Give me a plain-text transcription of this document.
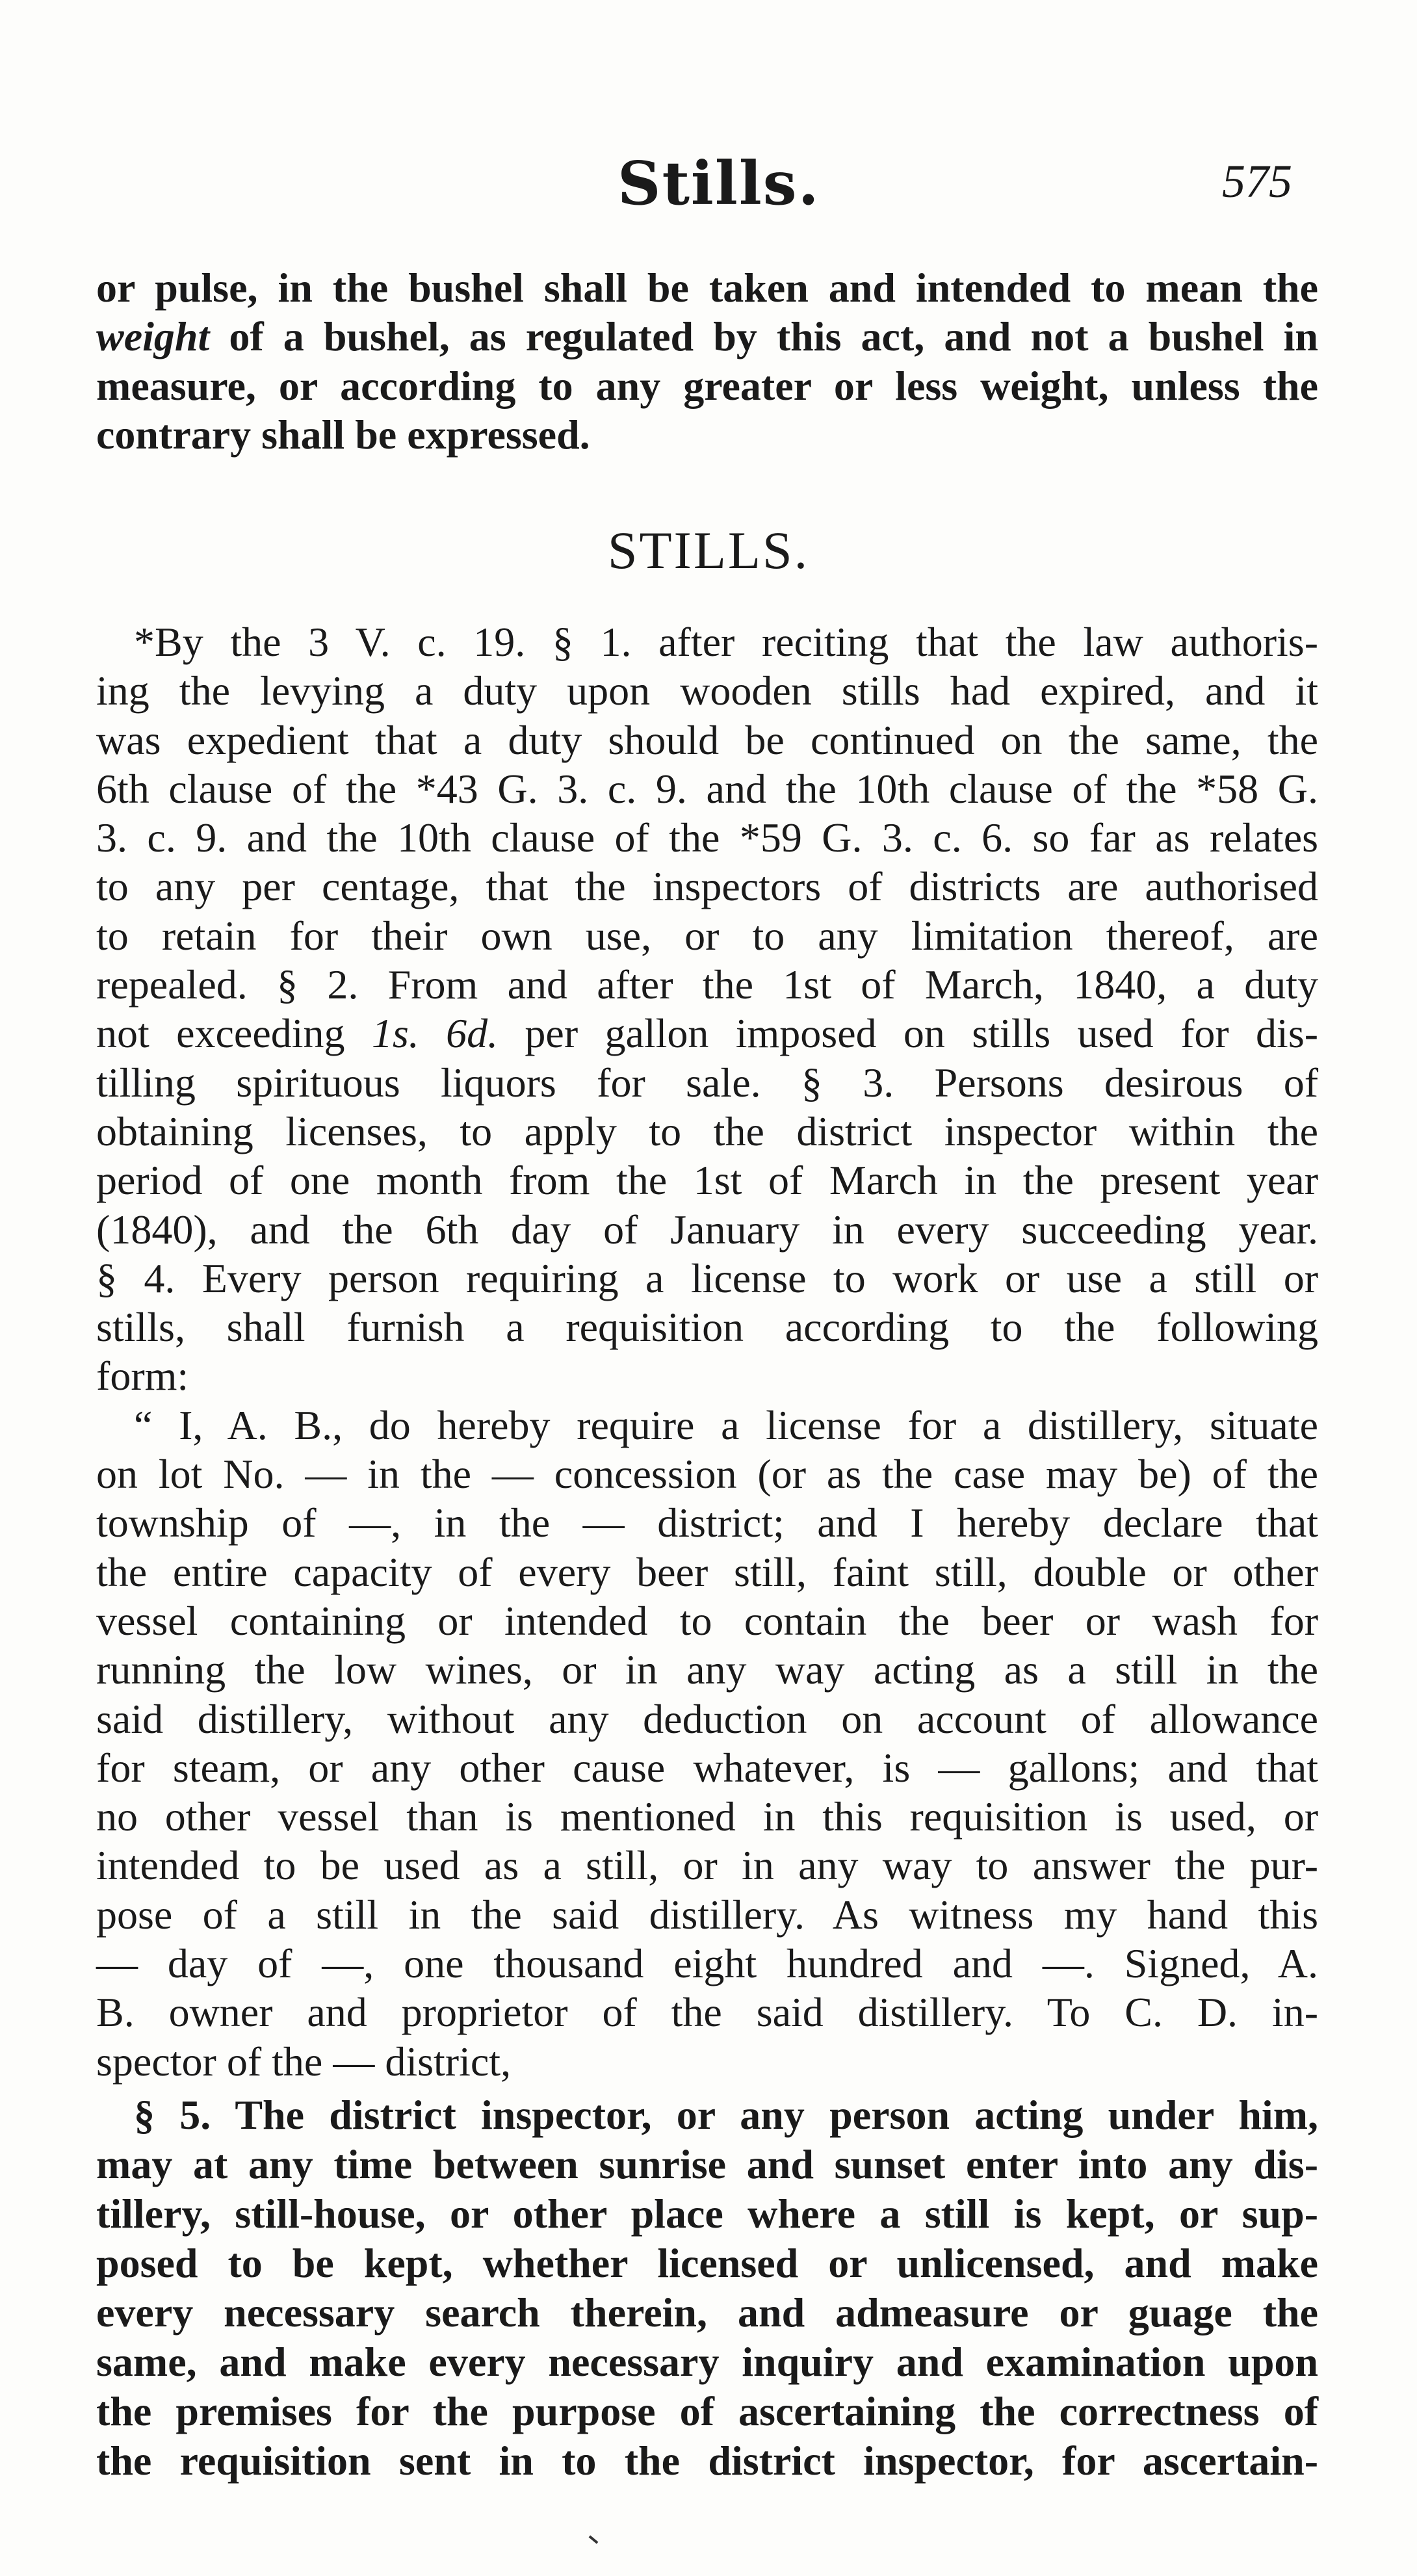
Stills.	575
or pulse, in the bushel shall be taken and intended to mean the
weight of a bushel, as regulated by this act, and not a bushel in
measure, or according to any greater or less weight, unless the
contrary shall be expressed.
STILLS.
*By the 3 V. c. 19. § 1. after reciting that the law authoris-
ing the levying a duty upon wooden stills had expired, and it
was expedient that a duty should be continued on the same, the
6th clause of the *43 G. 3. c. 9. and the 10th clause of the *58 G.
3. c. 9. and the 10th clause of the *59 G. 3. c. 6. so far as relates
to any per centage, that the inspectors of districts are authorised
to retain for their own use, or to any limitation thereof, are
repealed. § 2. From and after the 1st of March, 1840, a duty
not exceeding 1s. 6d. per gallon imposed on stills used for dis-
tilling spirituous liquors for sale. § 3. Persons desirous of
obtaining licenses, to apply to the district inspector within the
period of one month from the 1st of March in the present year
(1840), and the 6th day of January in every succeeding year.
§ 4. Every person requiring a license to work or use a still or
stills, shall furnish a requisition according to the following
form:
“ I, A. B., do hereby require a license for a distillery, situate
on lot No. — in the — concession (or as the case may be) of the
township of —, in the — district; and I hereby declare that
the entire capacity of every beer still, faint still, double or other
vessel containing or intended to contain the beer or wash for
running the low wines, or in any way acting as a still in the
said distillery, without any deduction on account of allowance
for steam, or any other cause whatever, is — gallons; and that
no other vessel than is mentioned in this requisition is used, or
intended to be used as a still, or in any way to answer the pur-
pose of a still in the said distillery. As witness my hand this
— day of —, one thousand eight hundred and —. Signed, A.
B. owner and proprietor of the said distillery. To C. D. in-
spector of the — district,
§ 5. The district inspector, or any person acting under him,
may at any time between sunrise and sunset enter into any dis-
tillery, still-house, or other place where a still is kept, or sup-
posed to be kept, whether licensed or unlicensed, and make
every necessary search therein, and admeasure or guage the
same, and make every necessary inquiry and examination upon
the premises for the purpose of ascertaining the correctness of
the requisition sent in to the district inspector, for ascertain-
